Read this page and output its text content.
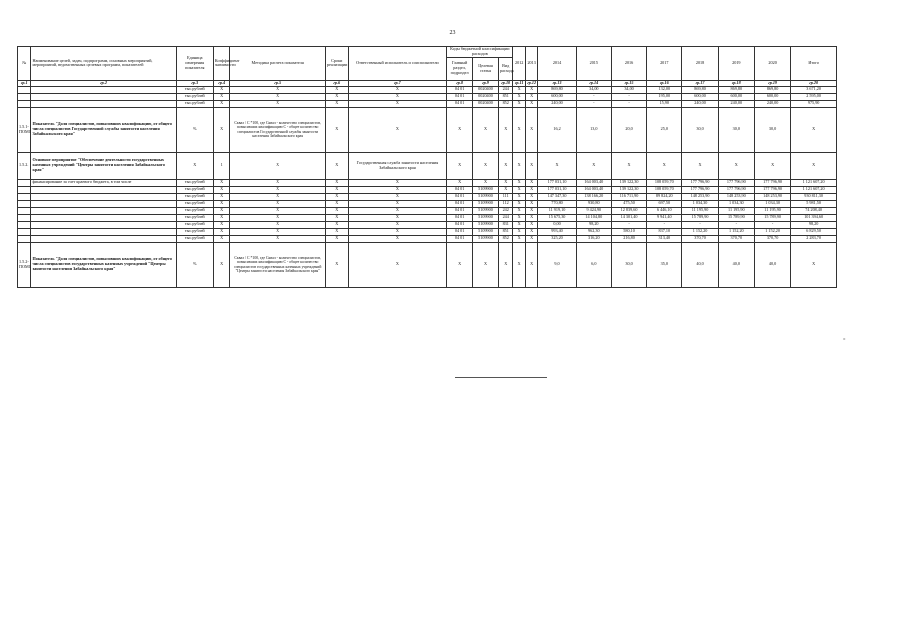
23
№	Наименование целей, задач, подпрограмм, основных мероприятий, мероприятий, ведомственных целевых программ, показателей	Единица измерения показателя	Коэффициент значимости	Методика расчета показателя	Сроки реализации	Ответственный исполнитель и соисполнители	Коды бюджетной классификации расходов			2012	2013	2014	2015	2016	2017	2018	2019	2020	Итого
							Главный раздел, подраздел	Целевая статья	Вид расхода										
гр.1	гр.2	гр.3	гр.4	гр.5	гр.6	гр.7	гр.8	гр.9	гр.10	гр.11	гр.12	гр.13	гр.14	гр.15	гр.16	гр.17	гр.18	гр.19	гр.20
		тыс.рублей	X	X	X	X	04 01	0020400	244	X	X	869,80	34,00	34,00	132,00	869,80	869,80	869,80	3 671,20
		тыс.рублей	X	X	X	X	04 01	0020400	851	X	X	600,00	-	-	195,00	600,00	600,00	600,00	2 595,00
		тыс.рублей	X	X	X	X	04 01	0020400	852	X	X	240,00	-	-	15,90	240,00	240,00	240,00	975,90
1.5.1-ПОМ1	Показатель "Доля специалистов, повысивших квалификацию, от общего числа специалистов Государственной службы занятости населения Забайкальского края"	%	X	Сквал / С *100, где Сквал - количество специалистов, повысивших квалификацию С - общее количество специалистов Государственной службы занятости населения Забайкальского края	X	X	X	X	X	X	X	16,2	13,0	20,0	25,0	30,0	30,0	30,0	X
1.5.2.	Основное мероприятие "Обеспечение деятельности государственных казенных учреждений "Центры занятости населения Забайкальского края"	X	1	X	X	Государственная служба занятости населения Забайкальского края	X	X	X	X	X	X	X	X	X	X	X	X	X
	финансирование за счет краевого бюджета, в том числе	тыс.рублей	X	X	X	X	X	X	X	X	X	177 031,10	164 003,40	139 122,30	108 059,70	177 796,90	177 796,90	177 796,90	1 121 607,20
		тыс.рублей	X	X	X	X	04 01	5109900	X	X	X	177 031,10	164 003,40	139 122,30	108 059,70	177 796,90	177 796,90	177 796,90	1 121 607,20
		тыс.рублей	X	X	X	X	04 01	5109900	111	X	X	147 347,30	138 166,20	116 711,90	89 824,20	148 253,90	148 253,90	148 253,90	930 811,30
		тыс.рублей	X	X	X	X	04 01	5109900	112	X	X	770,80	930,80	475,50	697,50	1 034,30	1 034,30	1 034,30	5 981,50
		тыс.рублей	X	X	X	X	04 01	5109900	242	X	X	11 919,10	9 424,90	12 839,60	6 446,10	11 195,90	11 195,90	11 195,90	74 208,40
		тыс.рублей	X	X	X	X	04 01	5109900	244	X	X	15 675,30	14 104,80	14 301,40	9 941,40	15 789,90	15 789,90	15 789,90	101 394,60
		тыс.рублей	X	X	X	X	04 01	5109900	831	X	X	0,00	98,20	-	-	-	-	-	98,20
		тыс.рублей	X	X	X	X	04 01	5109900	851	X	X	993,40	962,30	580,10	837,10	1 152,20	1 152,20	1 152,20	6 829,50
		тыс.рублей	X	X	X	X	04 01	5109900	852	X	X	325,20	316,20	216,80	313,40	370,70	370,70	370,70	2 283,70
1.5.2-ПОМ1	Показатель "Доля специалистов, повысивших квалификацию, от общего числа специалистов государственных казенных учреждений "Центры занятости населения Забайкальского края"	%	X	Сквал / С *100, где Сквал - количество специалистов, повысивших квалификацию С - общее количество специалистов государственных казенных учреждений "Центры занятости населения Забайкальского края"	X	X	X	X	X	X	X	9,0	6,0	30,0	35,0	40,0	40,0	40,0	X
«
